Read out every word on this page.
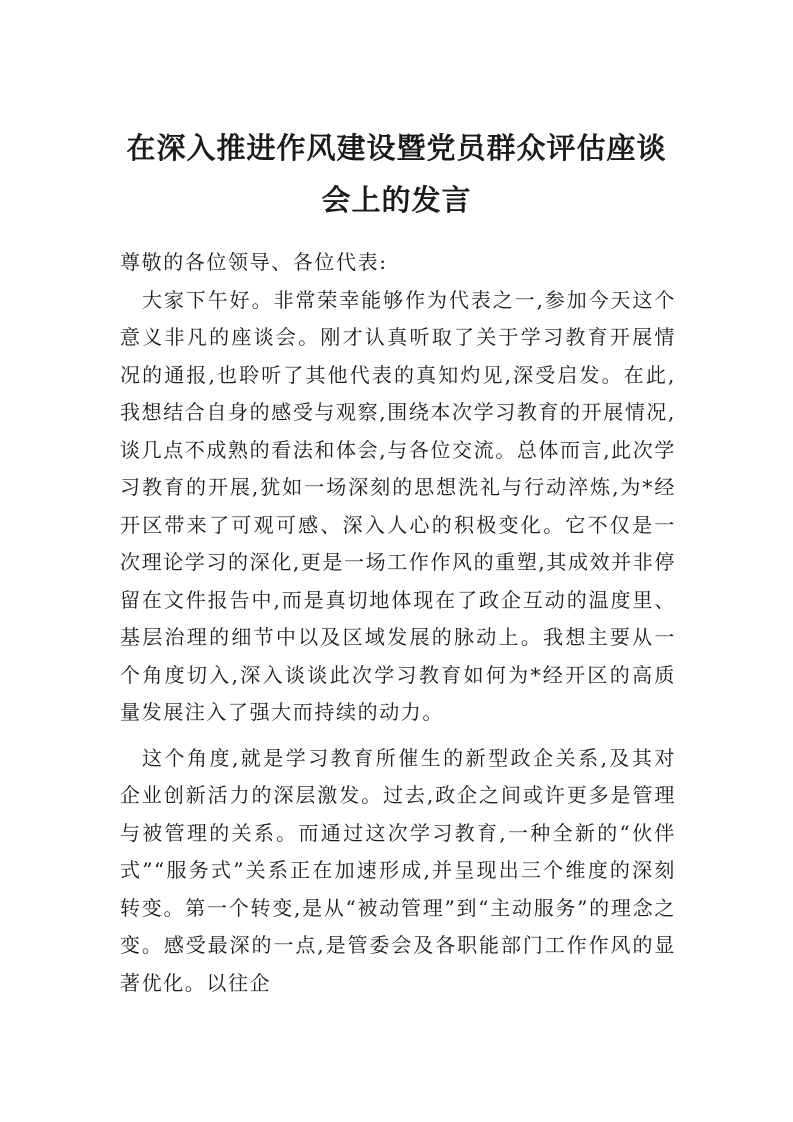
在深入推进作风建设暨党员群众评估座谈
会上的发言

尊敬的各位领导、各位代表:

大家下午好。非常荣幸能够作为代表之一,参加今天这个意义非凡的座谈会。刚才认真听取了关于学习教育开展情况的通报,也聆听了其他代表的真知灼见,深受启发。在此,我想结合自身的感受与观察,围绕本次学习教育的开展情况,谈几点不成熟的看法和体会,与各位交流。总体而言,此次学习教育的开展,犹如一场深刻的思想洗礼与行动淬炼,为*经开区带来了可观可感、深入人心的积极变化。它不仅是一次理论学习的深化,更是一场工作作风的重塑,其成效并非停留在文件报告中,而是真切地体现在了政企互动的温度里、基层治理的细节中以及区域发展的脉动上。我想主要从一个角度切入,深入谈谈此次学习教育如何为*经开区的高质量发展注入了强大而持续的动力。

这个角度,就是学习教育所催生的新型政企关系,及其对企业创新活力的深层激发。过去,政企之间或许更多是管理与被管理的关系。而通过这次学习教育,一种全新的“伙伴式”“服务式”关系正在加速形成,并呈现出三个维度的深刻转变。第一个转变,是从“被动管理”到“主动服务”的理念之变。感受最深的一点,是管委会及各职能部门工作作风的显著优化。以往企
